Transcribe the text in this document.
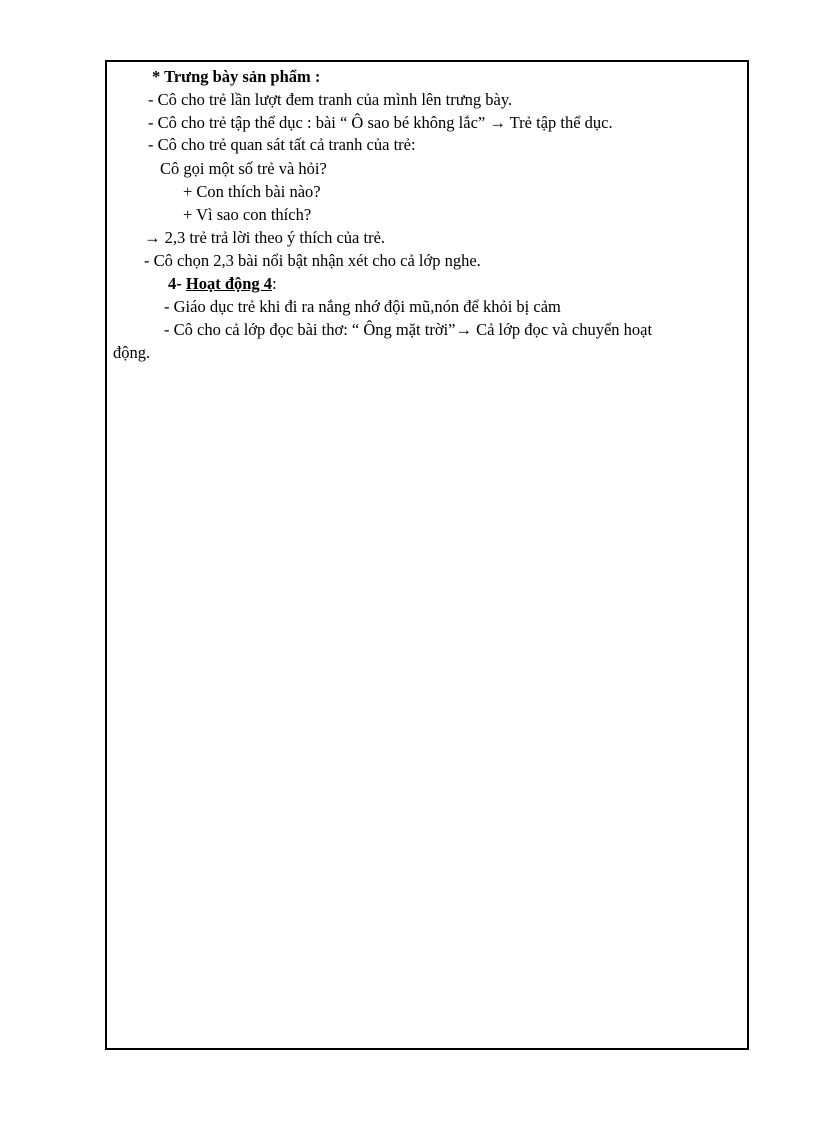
* Trưng bày sản phẩm :
- Cô cho trẻ lần lượt đem tranh của mình lên trưng bày.
- Cô cho trẻ tập thể dục : bài “ Ô sao bé không lắc” → Trẻ tập thể dục.
- Cô cho trẻ quan sát tất cả tranh của trẻ:
Cô gọi một số trẻ và hỏi?
+ Con thích bài nào?
+ Vì sao con thích?
→ 2,3 trẻ trả lời theo ý thích của trẻ.
- Cô chọn 2,3 bài nổi bật nhận xét cho cả lớp nghe.
4- Hoạt động 4:
- Giáo dục trẻ khi đi ra nắng nhớ đội mũ,nón để khỏi bị cảm
- Cô cho cả lớp đọc bài thơ: “ Ông mặt trời”→ Cả lớp đọc và chuyển hoạt
động.
